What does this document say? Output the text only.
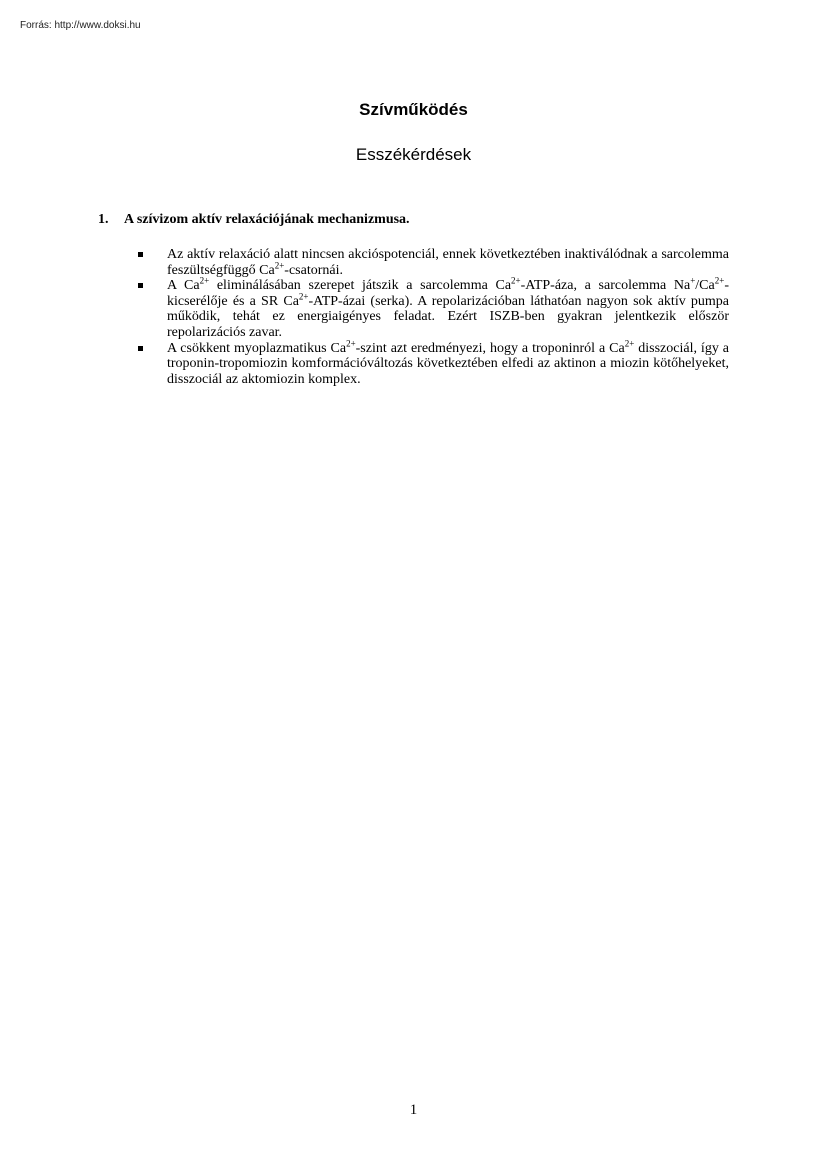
Forrás: http://www.doksi.hu
Szívműködés
Esszékérdések
1. A szívizom aktív relaxációjának mechanizmusa.
Az aktív relaxáció alatt nincsen akcióspotenciál, ennek következtében inaktiválódnak a sarcolemma feszültségfüggő $Ca^{2+}$-csatornái.
A $Ca^{2+}$ eliminálásában szerepet játszik a sarcolemma $Ca^{2+}-ATP$-áza, a sarcolemma $Na^+/Ca^{2+}$-kicserélője és a SR $Ca^{2+}-ATP$-ázai (serka). A repolarizációban láthatóan nagyon sok aktív pumpa működik, tehát ez energiaigényes feladat. Ezért ISZB-ben gyakran jelentkezik először repolarizációs zavar.
A csökkent myoplazmatikus $Ca^{2+}$-szint azt eredményezi, hogy a troponinról a $Ca^{2+}$ disszociál, így a troponin-tropomiozin komformációváltozás következtében elfedi az aktinon a miozin kötőhelyeket, disszociál az aktomiozin komplex.
1
